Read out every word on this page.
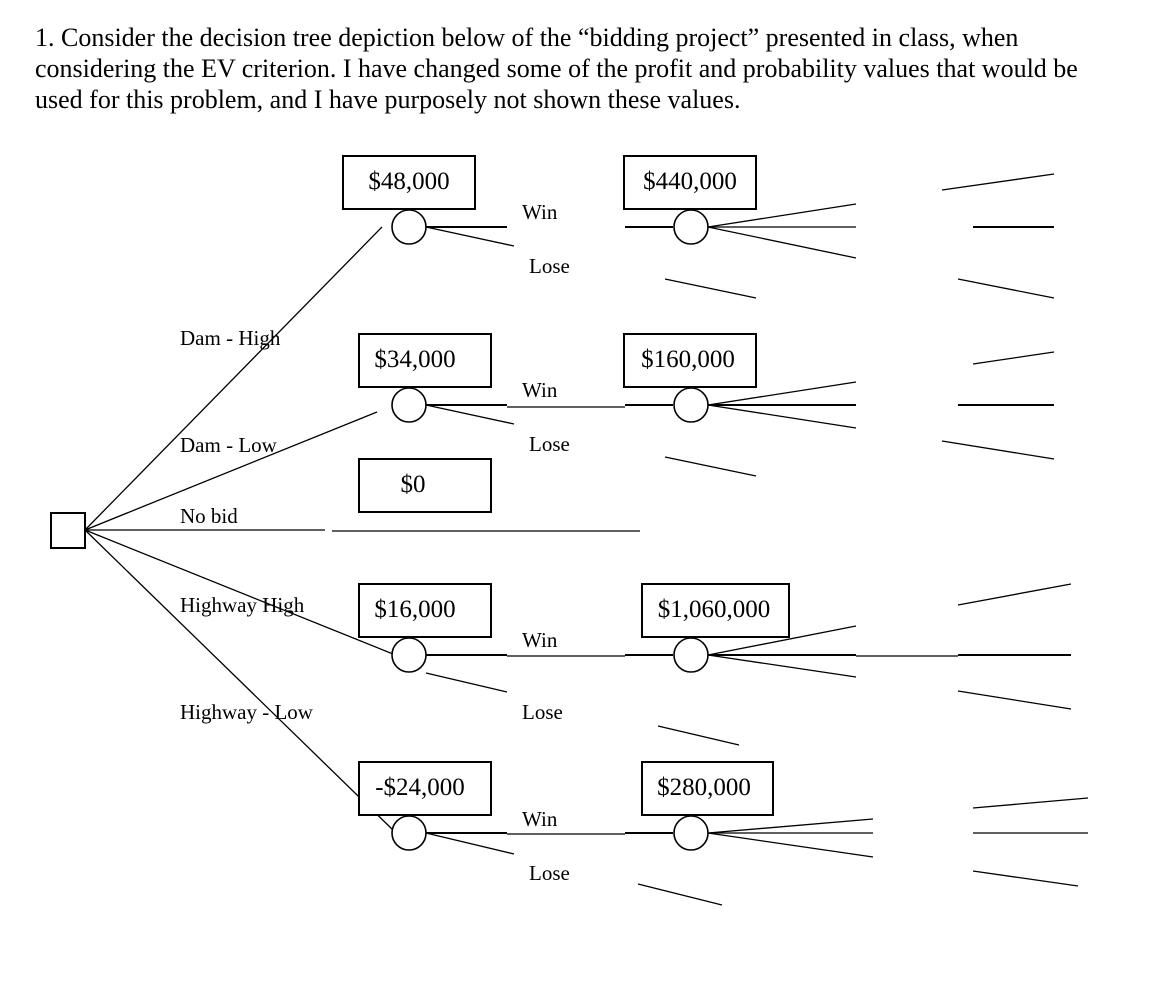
1. Consider the decision tree depiction below of the “bidding project” presented in class, when considering the EV criterion. I have changed some of the profit and probability values that would be used for this problem, and I have purposely not shown these values.
$48,000	$440,000
$34,000	$160,000
$0
$16,000	$1,060,000
-$24,000	$280,000
Dam - High
Dam - Low
No bid
Highway High
Highway - Low
Win
Lose
Win
Lose
Win
Lose
Win
Lose
